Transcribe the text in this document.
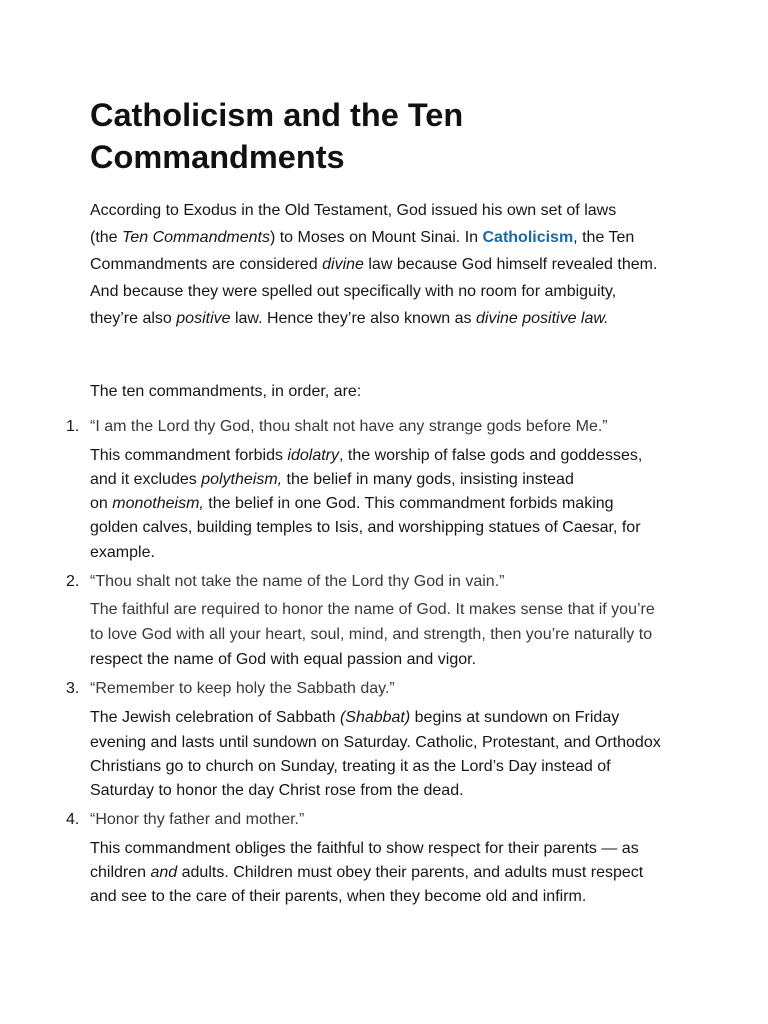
Catholicism and the Ten Commandments
According to Exodus in the Old Testament, God issued his own set of laws
(the Ten Commandments) to Moses on Mount Sinai. In Catholicism, the Ten
Commandments are considered divine law because God himself revealed them.
And because they were spelled out specifically with no room for ambiguity,
they’re also positive law. Hence they’re also known as divine positive law.
The ten commandments, in order, are:
1. “I am the Lord thy God, thou shalt not have any strange gods before Me.”
This commandment forbids idolatry, the worship of false gods and goddesses,
and it excludes polytheism, the belief in many gods, insisting instead
on monotheism, the belief in one God. This commandment forbids making
golden calves, building temples to Isis, and worshipping statues of Caesar, for
example.
2. “Thou shalt not take the name of the Lord thy God in vain.”
The faithful are required to honor the name of God. It makes sense that if you’re
to love God with all your heart, soul, mind, and strength, then you’re naturally to
respect the name of God with equal passion and vigor.
3. “Remember to keep holy the Sabbath day.”
The Jewish celebration of Sabbath (Shabbat) begins at sundown on Friday
evening and lasts until sundown on Saturday. Catholic, Protestant, and Orthodox
Christians go to church on Sunday, treating it as the Lord’s Day instead of
Saturday to honor the day Christ rose from the dead.
4. “Honor thy father and mother.”
This commandment obliges the faithful to show respect for their parents — as
children and adults. Children must obey their parents, and adults must respect
and see to the care of their parents, when they become old and infirm.
